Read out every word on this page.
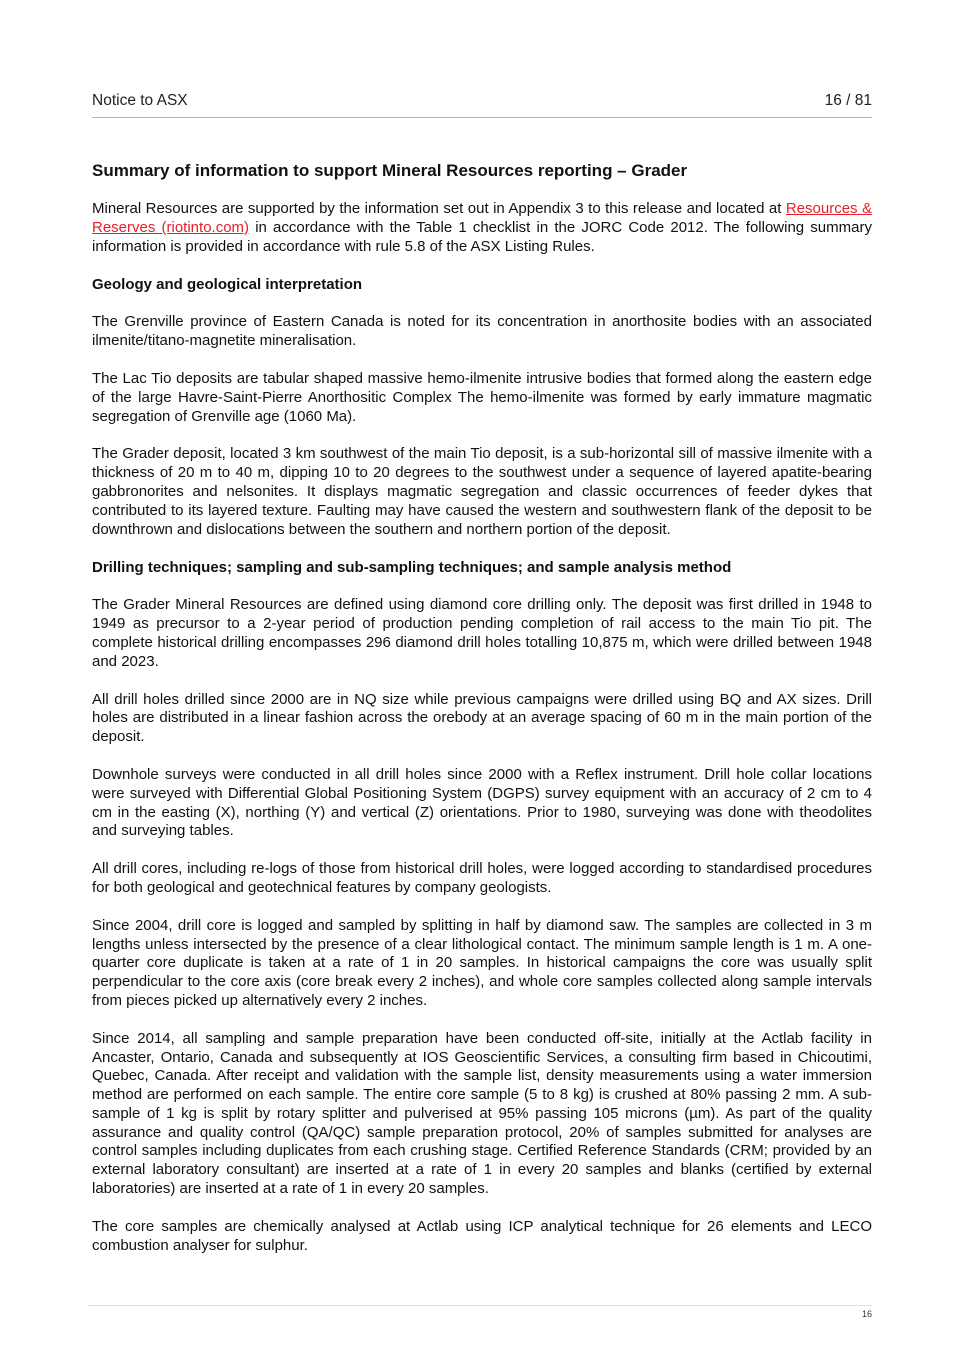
Notice to ASX	16 / 81
Summary of information to support Mineral Resources reporting – Grader

Mineral Resources are supported by the information set out in Appendix 3 to this release and located at Resources & Reserves (riotinto.com) in accordance with the Table 1 checklist in the JORC Code 2012. The following summary information is provided in accordance with rule 5.8 of the ASX Listing Rules.

Geology and geological interpretation

The Grenville province of Eastern Canada is noted for its concentration in anorthosite bodies with an associated ilmenite/titano-magnetite mineralisation.

The Lac Tio deposits are tabular shaped massive hemo-ilmenite intrusive bodies that formed along the eastern edge of the large Havre-Saint-Pierre Anorthositic Complex The hemo-ilmenite was formed by early immature magmatic segregation of Grenville age (1060 Ma).

The Grader deposit, located 3 km southwest of the main Tio deposit, is a sub-horizontal sill of massive ilmenite with a thickness of 20 m to 40 m, dipping 10 to 20 degrees to the southwest under a sequence of layered apatite-bearing gabbronorites and nelsonites. It displays magmatic segregation and classic occurrences of feeder dykes that contributed to its layered texture. Faulting may have caused the western and southwestern flank of the deposit to be downthrown and dislocations between the southern and northern portion of the deposit.

Drilling techniques; sampling and sub-sampling techniques; and sample analysis method

The Grader Mineral Resources are defined using diamond core drilling only. The deposit was first drilled in 1948 to 1949 as precursor to a 2-year period of production pending completion of rail access to the main Tio pit. The complete historical drilling encompasses 296 diamond drill holes totalling 10,875 m, which were drilled between 1948 and 2023.

All drill holes drilled since 2000 are in NQ size while previous campaigns were drilled using BQ and AX sizes. Drill holes are distributed in a linear fashion across the orebody at an average spacing of 60 m in the main portion of the deposit.

Downhole surveys were conducted in all drill holes since 2000 with a Reflex instrument. Drill hole collar locations were surveyed with Differential Global Positioning System (DGPS) survey equipment with an accuracy of 2 cm to 4 cm in the easting (X), northing (Y) and vertical (Z) orientations. Prior to 1980, surveying was done with theodolites and surveying tables.

All drill cores, including re-logs of those from historical drill holes, were logged according to standardised procedures for both geological and geotechnical features by company geologists.

Since 2004, drill core is logged and sampled by splitting in half by diamond saw. The samples are collected in 3 m lengths unless intersected by the presence of a clear lithological contact. The minimum sample length is 1 m. A one-quarter core duplicate is taken at a rate of 1 in 20 samples. In historical campaigns the core was usually split perpendicular to the core axis (core break every 2 inches), and whole core samples collected along sample intervals from pieces picked up alternatively every 2 inches.

Since 2014, all sampling and sample preparation have been conducted off-site, initially at the Actlab facility in Ancaster, Ontario, Canada and subsequently at IOS Geoscientific Services, a consulting firm based in Chicoutimi, Quebec, Canada. After receipt and validation with the sample list, density measurements using a water immersion method are performed on each sample. The entire core sample (5 to 8 kg) is crushed at 80% passing 2 mm. A sub-sample of 1 kg is split by rotary splitter and pulverised at 95% passing 105 microns (µm). As part of the quality assurance and quality control (QA/QC) sample preparation protocol, 20% of samples submitted for analyses are control samples including duplicates from each crushing stage. Certified Reference Standards (CRM; provided by an external laboratory consultant) are inserted at a rate of 1 in every 20 samples and blanks (certified by external laboratories) are inserted at a rate of 1 in every 20 samples.

The core samples are chemically analysed at Actlab using ICP analytical technique for 26 elements and LECO combustion analyser for sulphur.

16
